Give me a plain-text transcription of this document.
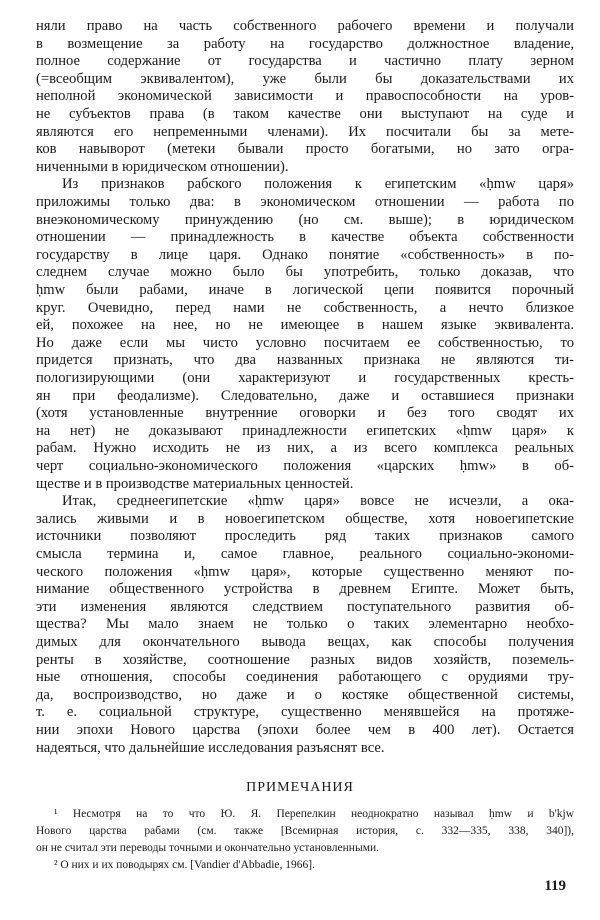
няли право на часть собственного рабочего времени и получали
в возмещение за работу на государство должностное владение,
полное содержание от государства и частично плату зерном
(=всеобщим эквивалентом), уже были бы доказательствами их
неполной экономической зависимости и правоспособности на уров-
не субъектов права (в таком качестве они выступают на суде и
являются его непременными членами). Их посчитали бы за мете-
ков навыворот (метеки бывали просто богатыми, но зато огра-
ниченными в юридическом отношении).
Из признаков рабского положения к египетским «ḥmw царя»
приложимы только два: в экономическом отношении — работа по
внеэкономическому принуждению (но см. выше); в юридическом
отношении — принадлежность в качестве объекта собственности
государству в лице царя. Однако понятие «собственность» в по-
следнем случае можно было бы употребить, только доказав, что
ḥmw были рабами, иначе в логической цепи появится порочный
круг. Очевидно, перед нами не собственность, а нечто близкое
ей, похожее на нее, но не имеющее в нашем языке эквивалента.
Но даже если мы чисто условно посчитаем ее собственностью, то
придется признать, что два названных признака не являются ти-
пологизирующими (они характеризуют и государственных кресть-
ян при феодализме). Следовательно, даже и оставшиеся признаки
(хотя установленные внутренние оговорки и без того сводят их
на нет) не доказывают принадлежности египетских «ḥmw царя» к
рабам. Нужно исходить не из них, а из всего комплекса реальных
черт социально-экономического положения «царских ḥmw» в об-
ществе и в производстве материальных ценностей.
Итак, среднеегипетские «ḥmw царя» вовсе не исчезли, а ока-
зались живыми и в новоегипетском обществе, хотя новоегипетские
источники позволяют проследить ряд таких признаков самого
смысла термина и, самое главное, реального социально-экономи-
ческого положения «ḥmw царя», которые существенно меняют по-
нимание общественного устройства в древнем Египте. Может быть,
эти изменения являются следствием поступательного развития об-
щества? Мы мало знаем не только о таких элементарно необхо-
димых для окончательного вывода вещах, как способы получения
ренты в хозяйстве, соотношение разных видов хозяйств, поземель-
ные отношения, способы соединения работающего с орудиями тру-
да, воспроизводство, но даже и о костяке общественной системы,
т. е. социальной структуре, существенно менявшейся на протяже-
нии эпохи Нового царства (эпохи более чем в 400 лет). Остается
надеяться, что дальнейшие исследования разъяснят все.
ПРИМЕЧАНИЯ
¹ Несмотря на то что Ю. Я. Перепелкин неоднократно называл ḥmw и b'kjw
Нового царства рабами (см. также [Всемирная история, с. 332—335, 338, 340]),
он не считал эти переводы точными и окончательно установленными.
² О них и их поводырях см. [Vandier d'Abbadie, 1966].
119
